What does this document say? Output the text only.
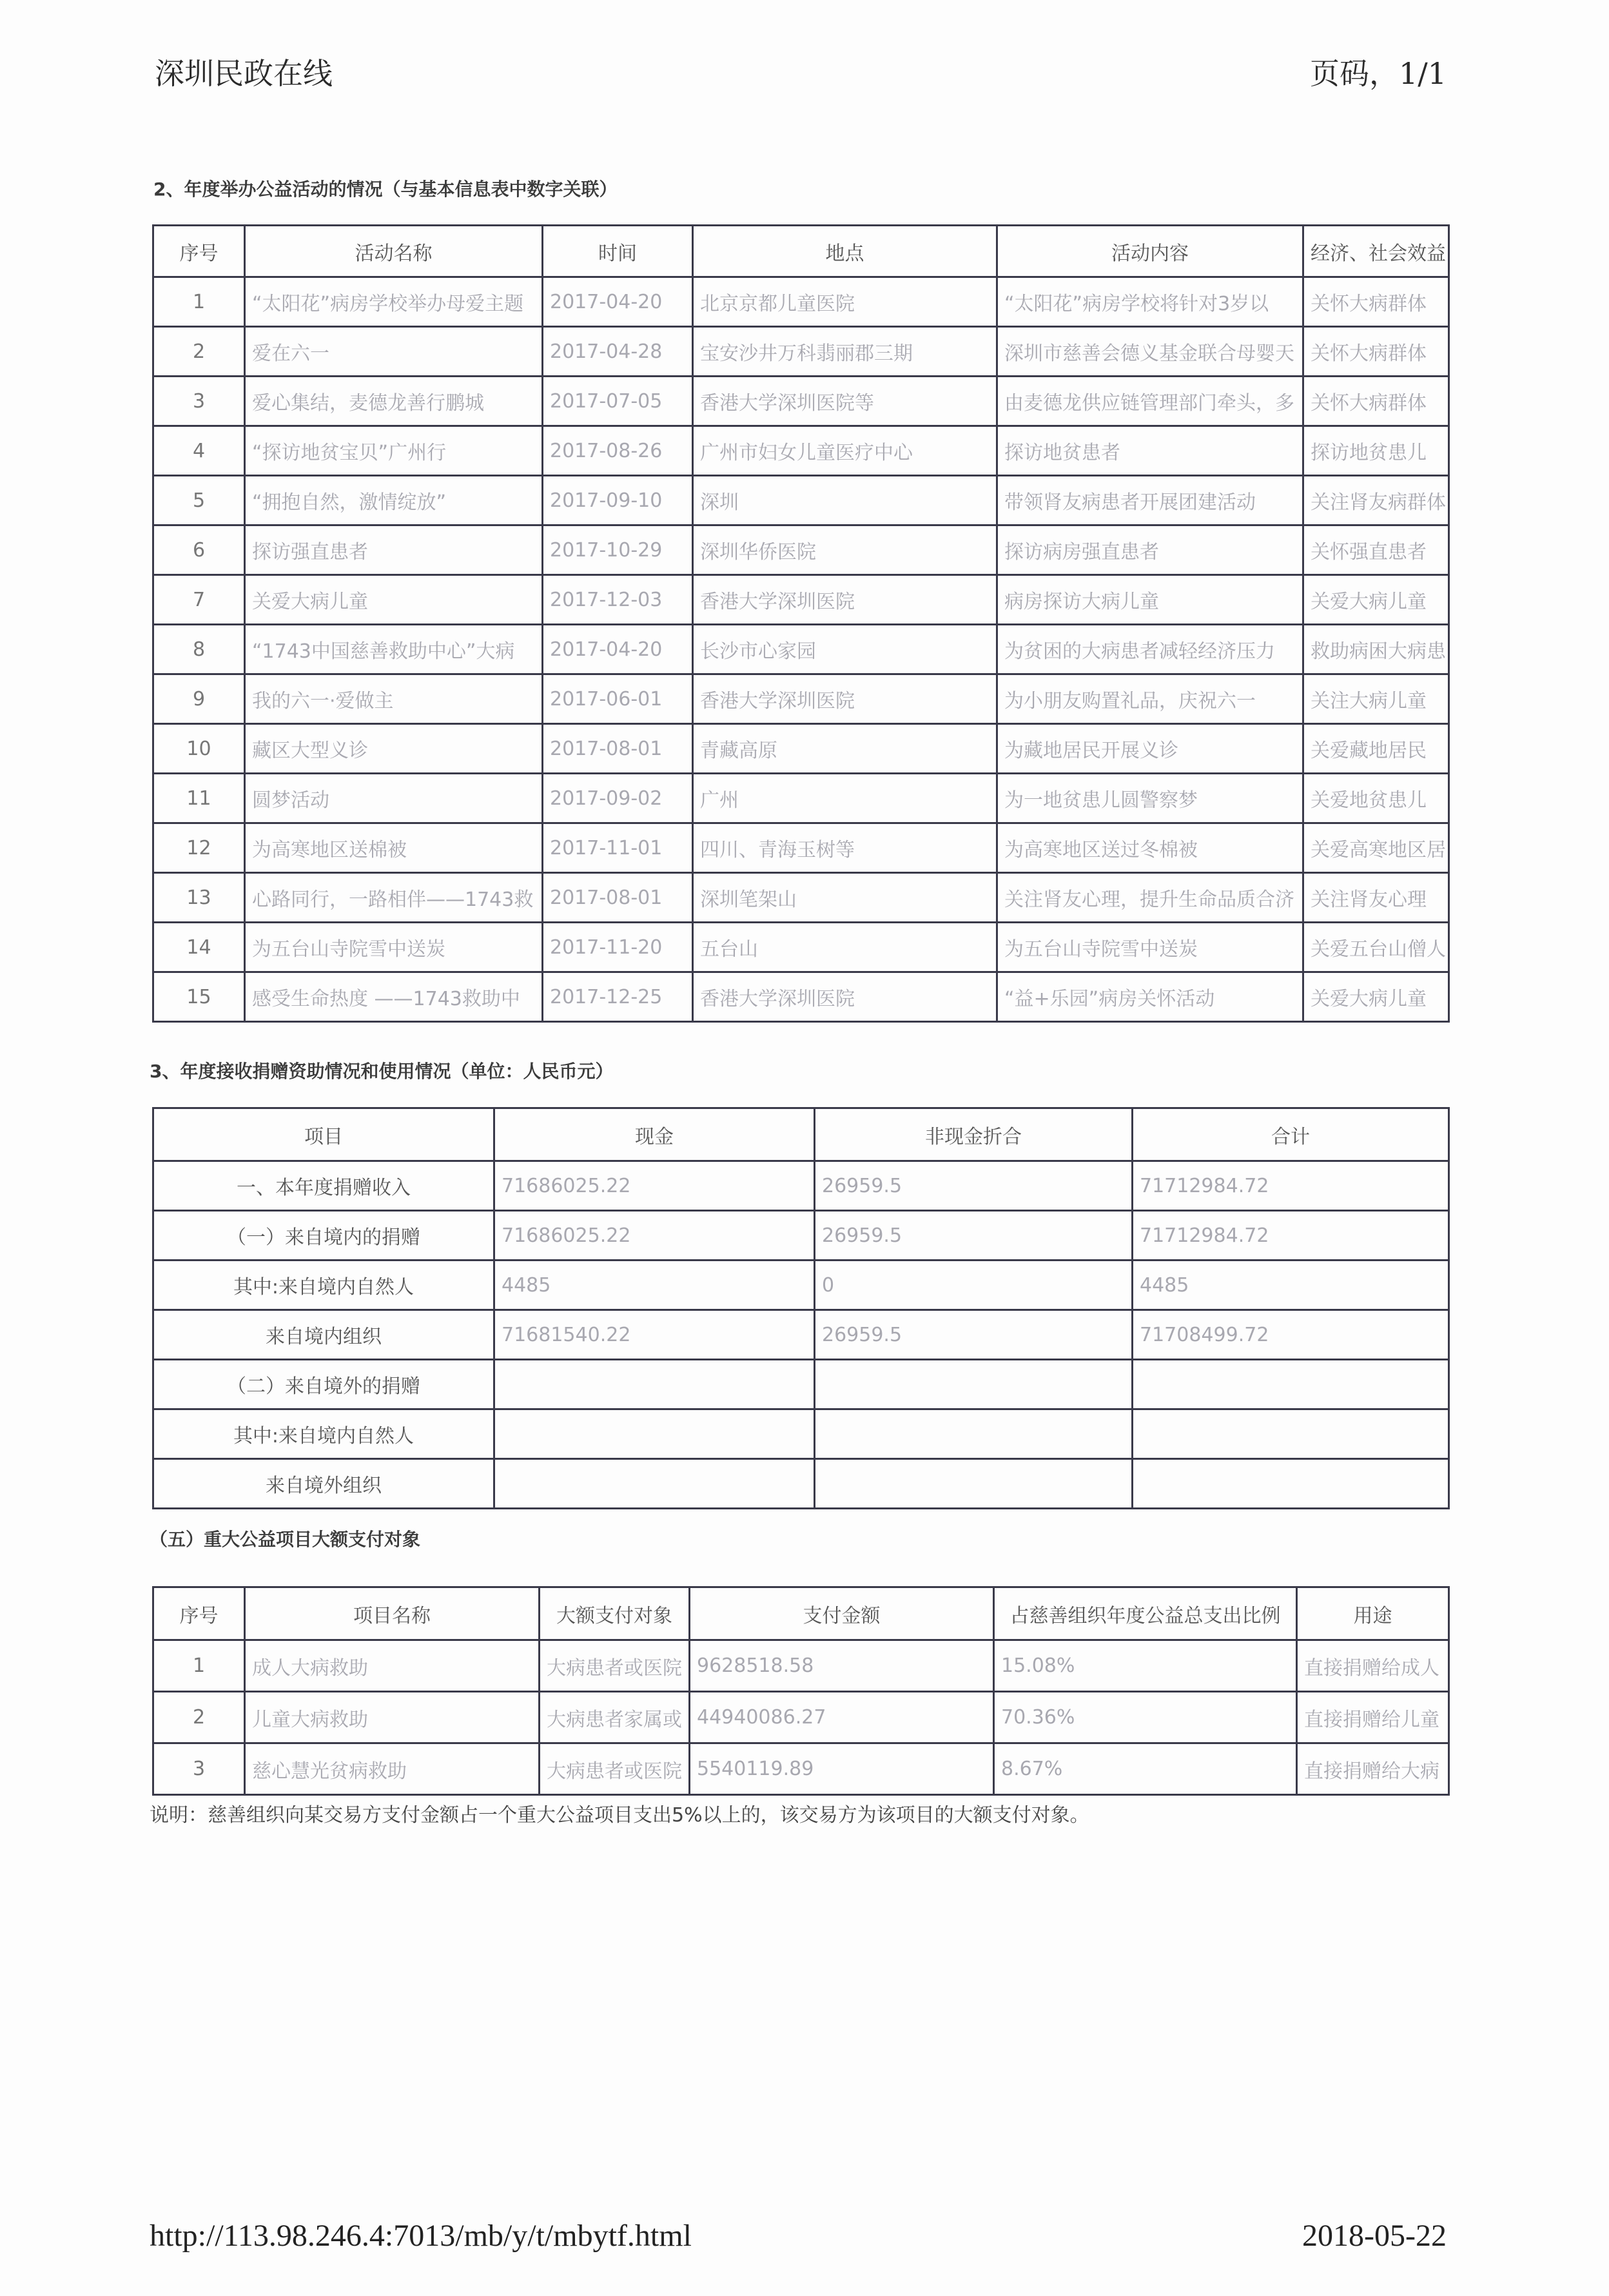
深圳民政在线	页码，1/1
2、年度举办公益活动的情况（与基本信息表中数字关联）
序号	活动名称	时间	地点	活动内容	经济、社会效益
1	“太阳花”病房学校举办母爱主题	2017-04-20	北京京都儿童医院	“太阳花”病房学校将针对3岁以	关怀大病群体
2	爱在六一	2017-04-28	宝安沙井万科翡丽郡三期	深圳市慈善会德义基金联合母婴天	关怀大病群体
3	爱心集结，麦德龙善行鹏城	2017-07-05	香港大学深圳医院等	由麦德龙供应链管理部门牵头，多	关怀大病群体
4	“探访地贫宝贝”广州行	2017-08-26	广州市妇女儿童医疗中心	探访地贫患者	探访地贫患儿
5	“拥抱自然，激情绽放”	2017-09-10	深圳	带领肾友病患者开展团建活动	关注肾友病群体
6	探访强直患者	2017-10-29	深圳华侨医院	探访病房强直患者	关怀强直患者
7	关爱大病儿童	2017-12-03	香港大学深圳医院	病房探访大病儿童	关爱大病儿童
8	“1743中国慈善救助中心”大病	2017-04-20	长沙市心家园	为贫困的大病患者减轻经济压力	救助病困大病患
9	我的六一·爱做主	2017-06-01	香港大学深圳医院	为小朋友购置礼品，庆祝六一	关注大病儿童
10	藏区大型义诊	2017-08-01	青藏高原	为藏地居民开展义诊	关爱藏地居民
11	圆梦活动	2017-09-02	广州	为一地贫患儿圆警察梦	关爱地贫患儿
12	为高寒地区送棉被	2017-11-01	四川、青海玉树等	为高寒地区送过冬棉被	关爱高寒地区居
13	心路同行，一路相伴——1743救	2017-08-01	深圳笔架山	关注肾友心理，提升生命品质合济	关注肾友心理
14	为五台山寺院雪中送炭	2017-11-20	五台山	为五台山寺院雪中送炭	关爱五台山僧人
15	感受生命热度 ——1743救助中	2017-12-25	香港大学深圳医院	“益+乐园”病房关怀活动	关爱大病儿童
3、年度接收捐赠资助情况和使用情况（单位：人民币元）
项目	现金	非现金折合	合计
一、本年度捐赠收入	71686025.22	26959.5	71712984.72
（一）来自境内的捐赠	71686025.22	26959.5	71712984.72
其中:来自境内自然人	4485	0	4485
来自境内组织	71681540.22	26959.5	71708499.72
（二）来自境外的捐赠			
其中:来自境内自然人			
来自境外组织			
（五）重大公益项目大额支付对象
序号	项目名称	大额支付对象	支付金额	占慈善组织年度公益总支出比例	用途
1	成人大病救助	大病患者或医院	9628518.58	15.08%	直接捐赠给成人
2	儿童大病救助	大病患者家属或	44940086.27	70.36%	直接捐赠给儿童
3	慈心慧光贫病救助	大病患者或医院	5540119.89	8.67%	直接捐赠给大病
说明：慈善组织向某交易方支付金额占一个重大公益项目支出5%以上的，该交易方为该项目的大额支付对象。
http://113.98.246.4:7013/mb/y/t/mbytf.html	2018-05-22
